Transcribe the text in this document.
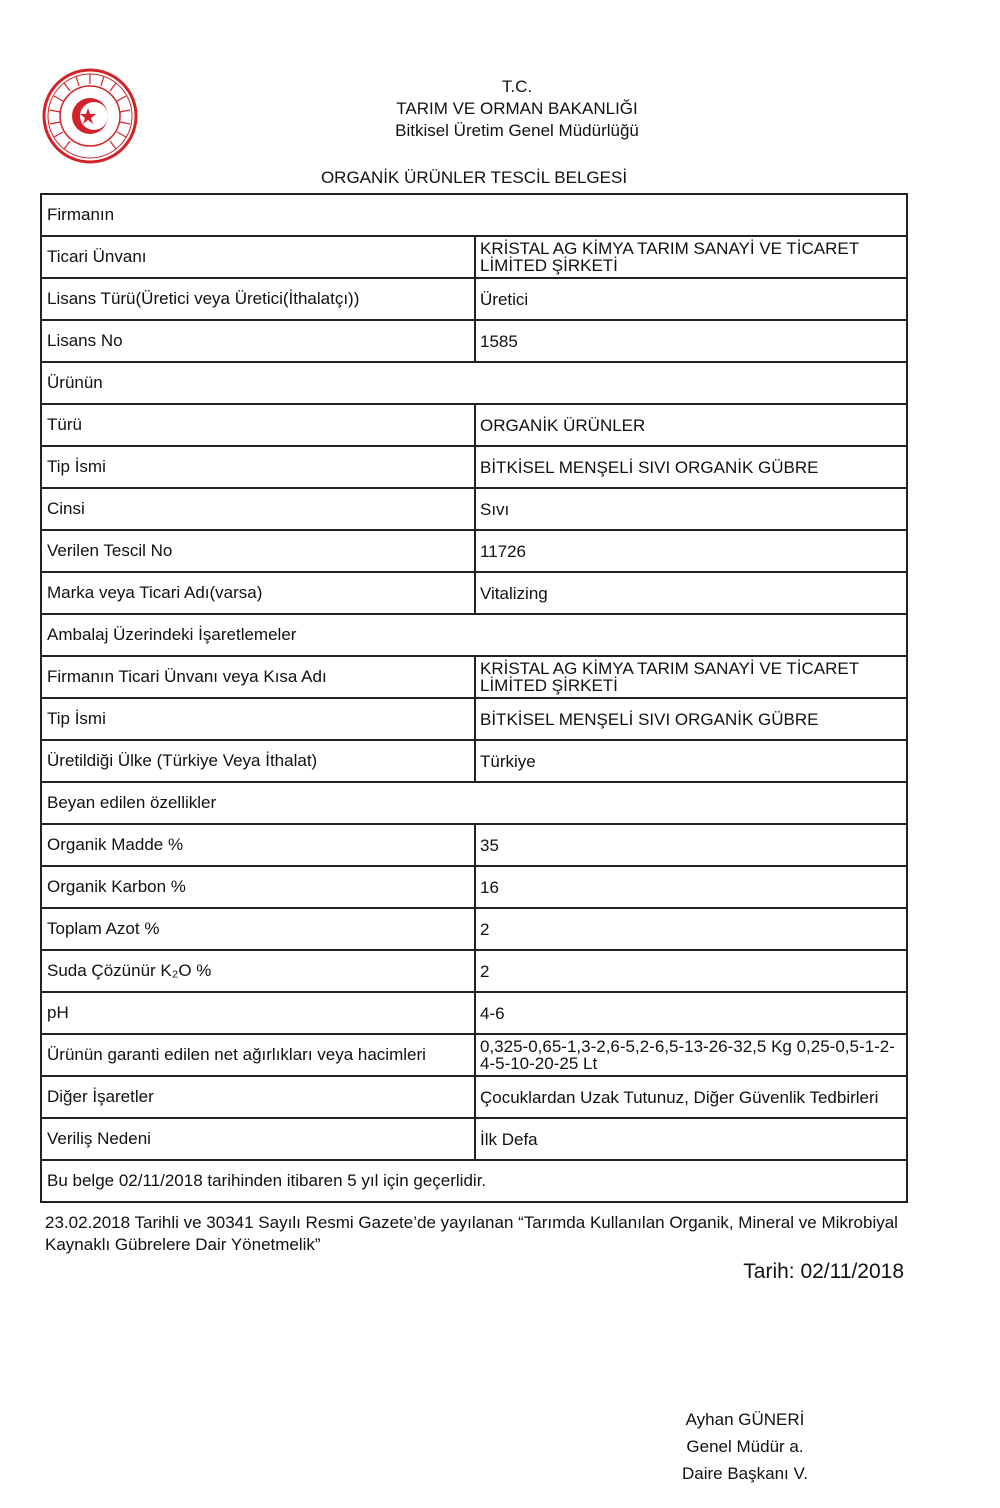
T.C.
TARIM VE ORMAN BAKANLIĞI
Bitkisel Üretim Genel Müdürlüğü
ORGANİK ÜRÜNLER TESCİL BELGESİ
Firmanın
Ticari Ünvanı	KRİSTAL AG KİMYA TARIM SANAYİ VE TİCARET LİMİTED ŞİRKETİ
Lisans Türü(Üretici veya Üretici(İthalatçı))	Üretici
Lisans No	1585
Ürünün
Türü	ORGANİK ÜRÜNLER
Tip İsmi	BİTKİSEL MENŞELİ SIVI ORGANİK GÜBRE
Cinsi	Sıvı
Verilen Tescil No	11726
Marka veya Ticari Adı(varsa)	Vitalizing
Ambalaj Üzerindeki İşaretlemeler
Firmanın Ticari Ünvanı veya Kısa Adı	KRİSTAL AG KİMYA TARIM SANAYİ VE TİCARET LİMİTED ŞİRKETİ
Tip İsmi	BİTKİSEL MENŞELİ SIVI ORGANİK GÜBRE
Üretildiği Ülke (Türkiye Veya İthalat)	Türkiye
Beyan edilen özellikler
Organik Madde %	35
Organik Karbon %	16
Toplam Azot %	2
Suda Çözünür K₂O %	2
pH	4-6
Ürünün garanti edilen net ağırlıkları veya hacimleri	0,325-0,65-1,3-2,6-5,2-6,5-13-26-32,5 Kg 0,25-0,5-1-2-4-5-10-20-25 Lt
Diğer İşaretler	Çocuklardan Uzak Tutunuz, Diğer Güvenlik Tedbirleri
Veriliş Nedeni	İlk Defa
Bu belge 02/11/2018 tarihinden itibaren 5 yıl için geçerlidir.
23.02.2018 Tarihli ve 30341 Sayılı Resmi Gazete’de yayılanan “Tarımda Kullanılan Organik, Mineral ve Mikrobiyal Kaynaklı Gübrelere Dair Yönetmelik”
Tarih: 02/11/2018
Ayhan GÜNERİ
Genel Müdür a.
Daire Başkanı V.
